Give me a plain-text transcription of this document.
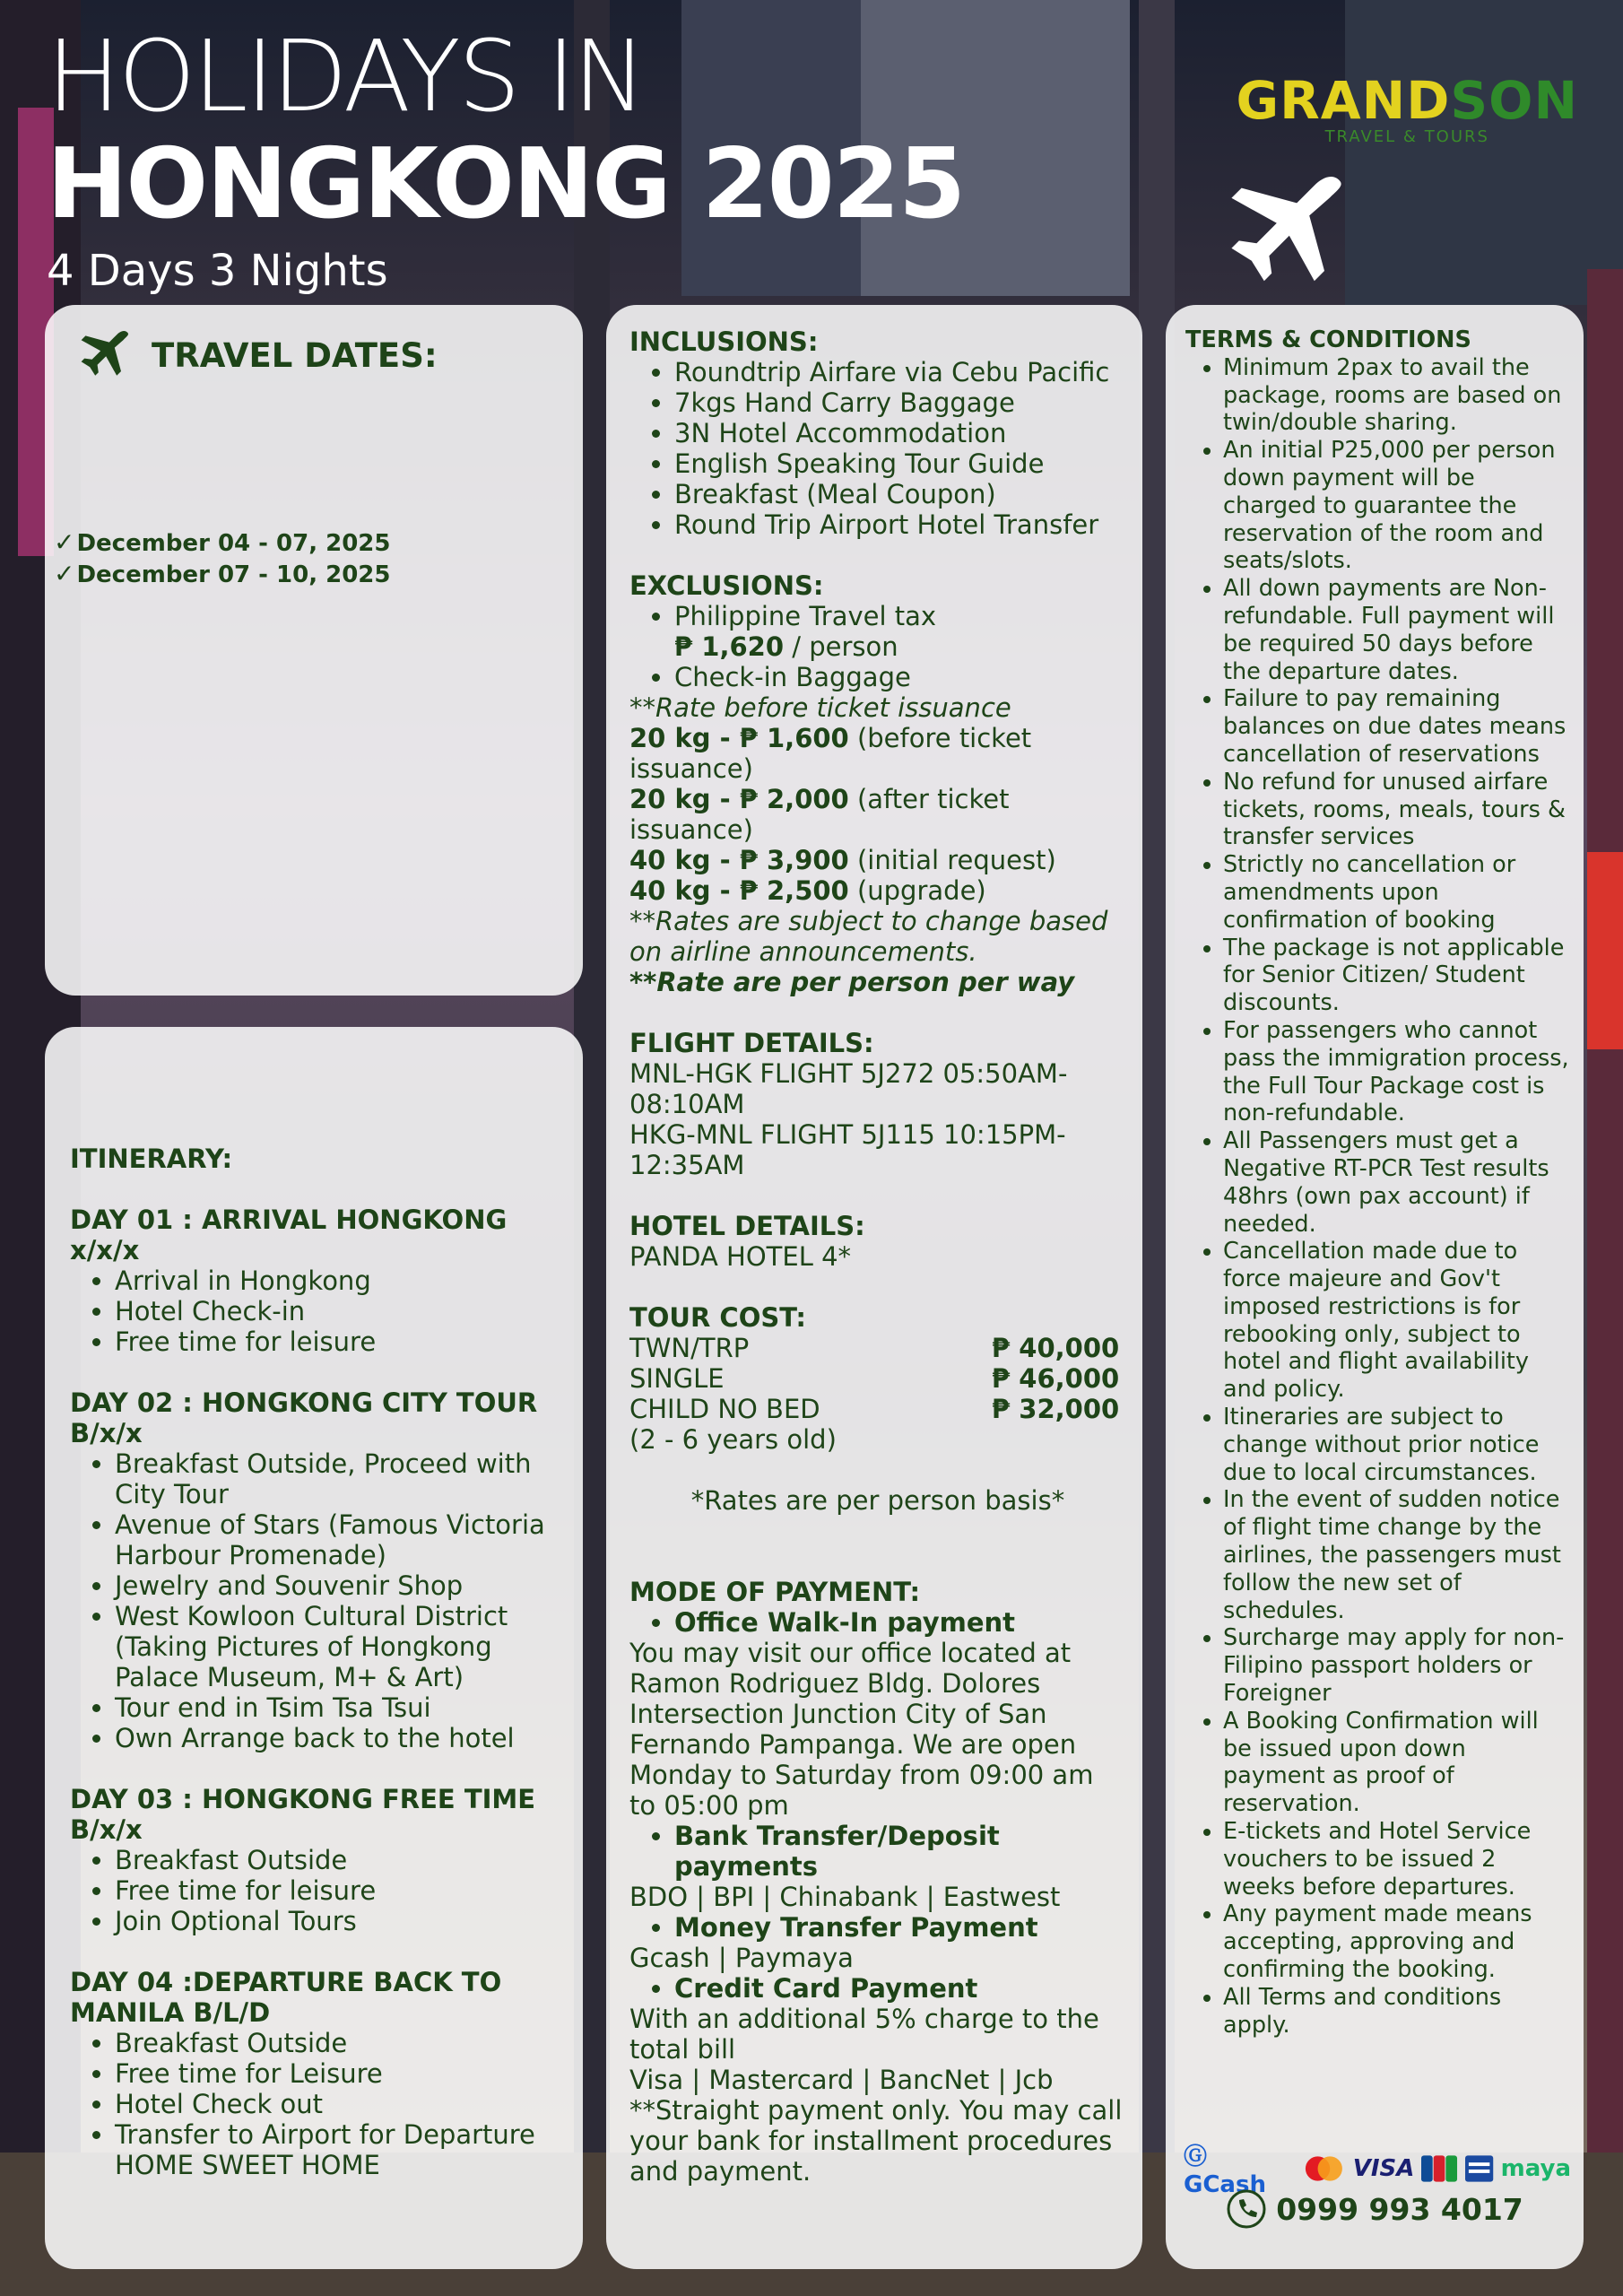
HOLIDAYS IN
HONGKONG 2025
4 Days 3 Nights
GRANDSON
TRAVEL & TOURS
TRAVEL DATES:
✓December 04 - 07, 2025
✓December 07 - 10, 2025
ITINERARY:
DAY 01 : ARRIVAL HONGKONG x/x/x
• Arrival in Hongkong
• Hotel Check-in
• Free time for leisure
DAY 02 : HONGKONG CITY TOUR B/x/x
• Breakfast Outside, Proceed with City Tour
• Avenue of Stars (Famous Victoria Harbour Promenade)
• Jewelry and Souvenir Shop
• West Kowloon Cultural District (Taking Pictures of Hongkong Palace Museum, M+ & Art)
• Tour end in Tsim Tsa Tsui
• Own Arrange back to the hotel
DAY 03 : HONGKONG FREE TIME B/x/x
• Breakfast Outside
• Free time for leisure
• Join Optional Tours
DAY 04 :DEPARTURE BACK TO MANILA B/L/D
• Breakfast Outside
• Free time for Leisure
• Hotel Check out
• Transfer to Airport for Departure HOME SWEET HOME
INCLUSIONS:
• Roundtrip Airfare via Cebu Pacific
• 7kgs Hand Carry Baggage
• 3N Hotel Accommodation
• English Speaking Tour Guide
• Breakfast (Meal Coupon)
• Round Trip Airport Hotel Transfer
EXCLUSIONS:
• Philippine Travel tax
₱ 1,620 / person
• Check-in Baggage
**Rate before ticket issuance
20 kg - ₱ 1,600 (before ticket issuance)
20 kg - ₱ 2,000 (after ticket issuance)
40 kg - ₱ 3,900 (initial request)
40 kg - ₱ 2,500 (upgrade)
**Rates are subject to change based on airline announcements.
**Rate are per person per way
FLIGHT DETAILS:
MNL-HGK FLIGHT 5J272 05:50AM-08:10AM
HKG-MNL FLIGHT 5J115 10:15PM-12:35AM
HOTEL DETAILS:
PANDA HOTEL 4*
TOUR COST:
TWN/TRP	₱ 40,000
SINGLE	₱ 46,000
CHILD NO BED	₱ 32,000
(2 - 6 years old)
*Rates are per person basis*
MODE OF PAYMENT:
• Office Walk-In payment
You may visit our office located at Ramon Rodriguez Bldg. Dolores Intersection Junction City of San Fernando Pampanga. We are open Monday to Saturday from 09:00 am to 05:00 pm
• Bank Transfer/Deposit payments
BDO | BPI | Chinabank | Eastwest
• Money Transfer Payment
Gcash | Paymaya
• Credit Card Payment
With an additional 5% charge to the total bill
Visa | Mastercard | BancNet | Jcb
**Straight payment only. You may call your bank for installment procedures and payment.
TERMS & CONDITIONS
• Minimum 2pax to avail the package, rooms are based on twin/double sharing.
• An initial P25,000 per person down payment will be charged to guarantee the reservation of the room and seats/slots.
• All down payments are Non-refundable. Full payment will be required 50 days before the departure dates.
• Failure to pay remaining balances on due dates means cancellation of reservations
• No refund for unused airfare tickets, rooms, meals, tours & transfer services
• Strictly no cancellation or amendments upon confirmation of booking
• The package is not applicable for Senior Citizen/ Student discounts.
• For passengers who cannot pass the immigration process, the Full Tour Package cost is non-refundable.
• All Passengers must get a Negative RT-PCR Test results 48hrs (own pax account) if needed.
• Cancellation made due to force majeure and Gov't imposed restrictions is for rebooking only, subject to hotel and flight availability and policy.
• Itineraries are subject to change without prior notice due to local circumstances.
• In the event of sudden notice of flight time change by the airlines, the passengers must follow the new set of schedules.
• Surcharge may apply for non-Filipino passport holders or Foreigner
• A Booking Confirmation will be issued upon down payment as proof of reservation.
• E-tickets and Hotel Service vouchers to be issued 2 weeks before departures.
• Any payment made means accepting, approving and confirming the booking.
• All Terms and conditions apply.
Ⓖ GCash
VISA	maya
0999 993 4017
